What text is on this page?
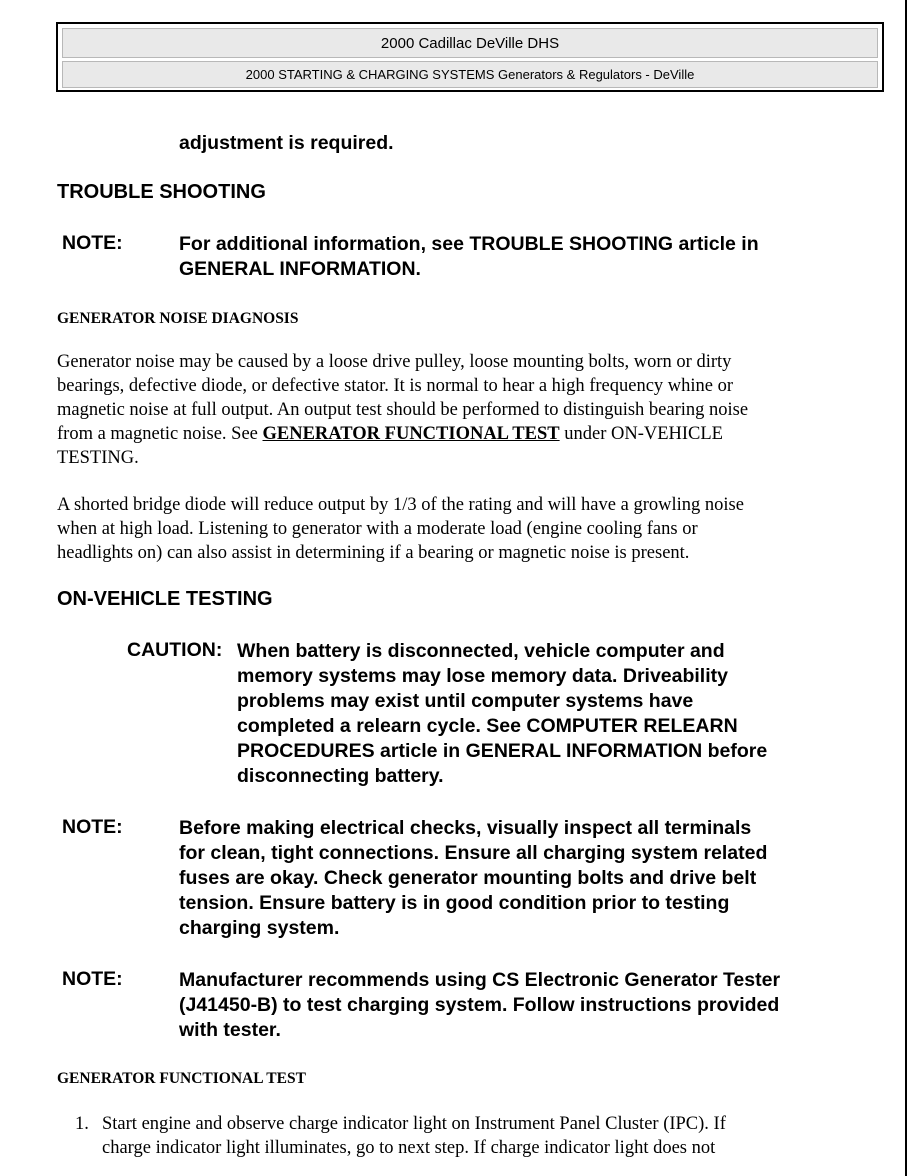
2000 Cadillac DeVille DHS
2000 STARTING & CHARGING SYSTEMS Generators & Regulators - DeVille
adjustment is required.
TROUBLE SHOOTING
NOTE:	For additional information, see TROUBLE SHOOTING article in
GENERAL INFORMATION.
GENERATOR NOISE DIAGNOSIS
Generator noise may be caused by a loose drive pulley, loose mounting bolts, worn or dirty
bearings, defective diode, or defective stator. It is normal to hear a high frequency whine or
magnetic noise at full output. An output test should be performed to distinguish bearing noise
from a magnetic noise. See GENERATOR FUNCTIONAL TEST under ON-VEHICLE
TESTING.
A shorted bridge diode will reduce output by 1/3 of the rating and will have a growling noise
when at high load. Listening to generator with a moderate load (engine cooling fans or
headlights on) can also assist in determining if a bearing or magnetic noise is present.
ON-VEHICLE TESTING
CAUTION: When battery is disconnected, vehicle computer and
memory systems may lose memory data. Driveability
problems may exist until computer systems have
completed a relearn cycle. See COMPUTER RELEARN
PROCEDURES article in GENERAL INFORMATION before
disconnecting battery.
NOTE:	Before making electrical checks, visually inspect all terminals
for clean, tight connections. Ensure all charging system related
fuses are okay. Check generator mounting bolts and drive belt
tension. Ensure battery is in good condition prior to testing
charging system.
NOTE:	Manufacturer recommends using CS Electronic Generator Tester
(J41450-B) to test charging system. Follow instructions provided
with tester.
GENERATOR FUNCTIONAL TEST
1. Start engine and observe charge indicator light on Instrument Panel Cluster (IPC). If
charge indicator light illuminates, go to next step. If charge indicator light does not
